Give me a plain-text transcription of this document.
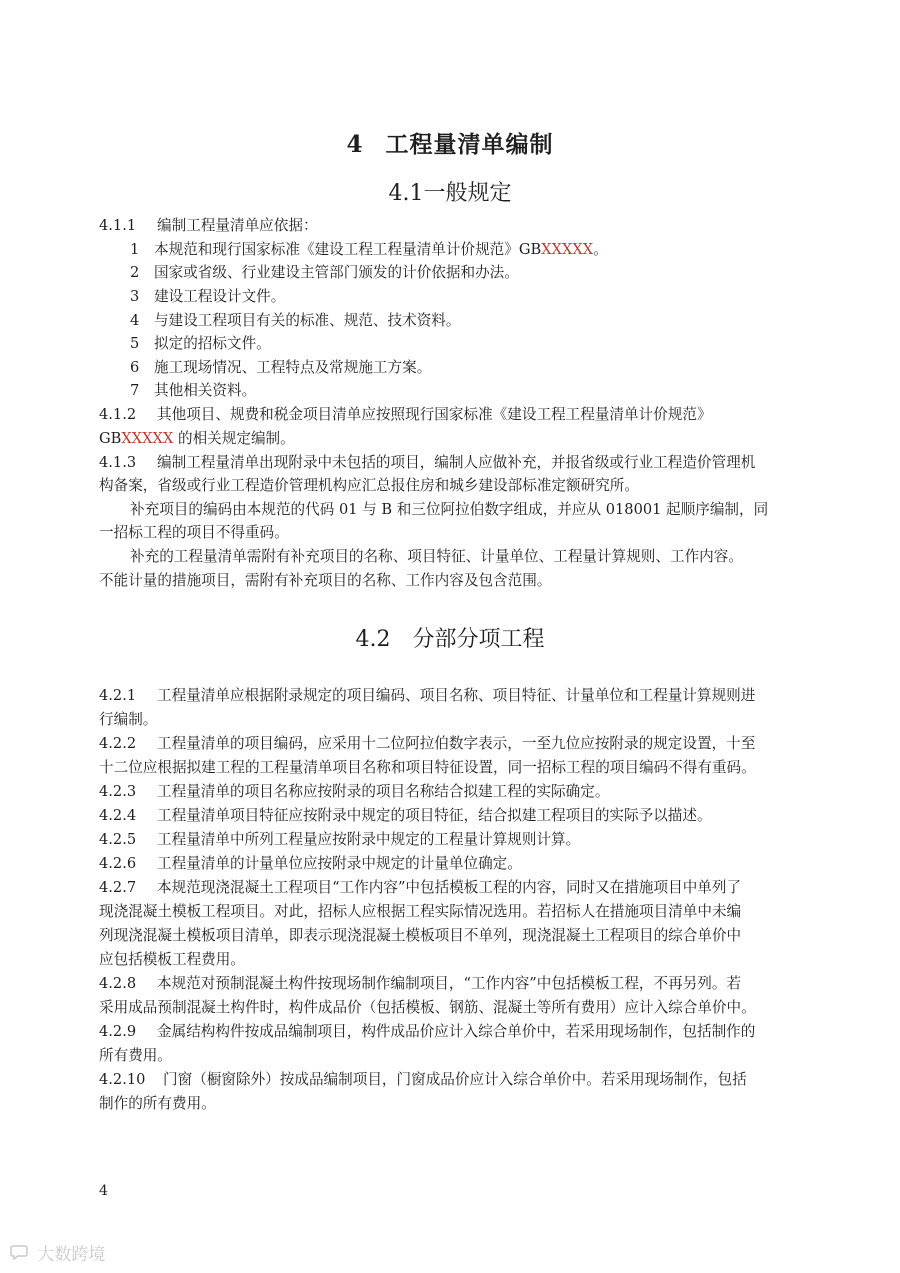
4 工程量清单编制
4.1一般规定
4.1.1 编制工程量清单应依据：
1 本规范和现行国家标准《建设工程工程量清单计价规范》GBXXXXX。
2 国家或省级、行业建设主管部门颁发的计价依据和办法。
3 建设工程设计文件。
4 与建设工程项目有关的标准、规范、技术资料。
5 拟定的招标文件。
6 施工现场情况、工程特点及常规施工方案。
7 其他相关资料。
4.1.2 其他项目、规费和税金项目清单应按照现行国家标准《建设工程工程量清单计价规范》
GBXXXXX 的相关规定编制。
4.1.3 编制工程量清单出现附录中未包括的项目，编制人应做补充，并报省级或行业工程造价管理机
构备案，省级或行业工程造价管理机构应汇总报住房和城乡建设部标准定额研究所。
补充项目的编码由本规范的代码 01 与 B 和三位阿拉伯数字组成，并应从 018001 起顺序编制，同
一招标工程的项目不得重码。
补充的工程量清单需附有补充项目的名称、项目特征、计量单位、工程量计算规则、工作内容。
不能计量的措施项目，需附有补充项目的名称、工作内容及包含范围。
4.2 分部分项工程
4.2.1 工程量清单应根据附录规定的项目编码、项目名称、项目特征、计量单位和工程量计算规则进
行编制。
4.2.2 工程量清单的项目编码，应采用十二位阿拉伯数字表示，一至九位应按附录的规定设置，十至
十二位应根据拟建工程的工程量清单项目名称和项目特征设置，同一招标工程的项目编码不得有重码。
4.2.3 工程量清单的项目名称应按附录的项目名称结合拟建工程的实际确定。
4.2.4 工程量清单项目特征应按附录中规定的项目特征，结合拟建工程项目的实际予以描述。
4.2.5 工程量清单中所列工程量应按附录中规定的工程量计算规则计算。
4.2.6 工程量清单的计量单位应按附录中规定的计量单位确定。
4.2.7 本规范现浇混凝土工程项目“工作内容”中包括模板工程的内容，同时又在措施项目中单列了
现浇混凝土模板工程项目。对此，招标人应根据工程实际情况选用。若招标人在措施项目清单中未编
列现浇混凝土模板项目清单，即表示现浇混凝土模板项目不单列，现浇混凝土工程项目的综合单价中
应包括模板工程费用。
4.2.8 本规范对预制混凝土构件按现场制作编制项目，“工作内容”中包括模板工程，不再另列。若
采用成品预制混凝土构件时，构件成品价（包括模板、钢筋、混凝土等所有费用）应计入综合单价中。
4.2.9 金属结构构件按成品编制项目，构件成品价应计入综合单价中，若采用现场制作，包括制作的
所有费用。
4.2.10 门窗（橱窗除外）按成品编制项目，门窗成品价应计入综合单价中。若采用现场制作，包括
制作的所有费用。
4
大数跨境
